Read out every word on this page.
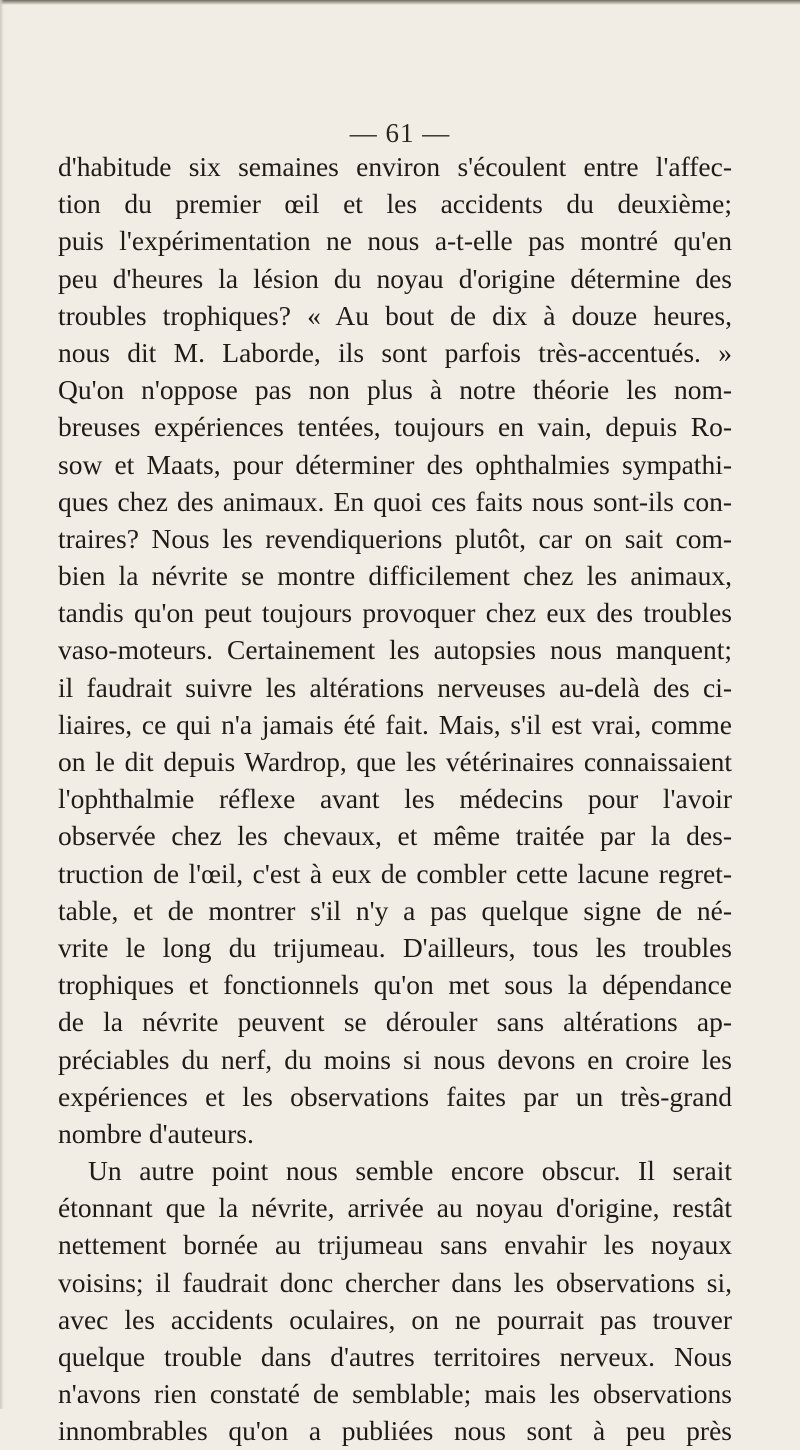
— 61 —
d'habitude six semaines environ s'écoulent entre l'affec-
tion du premier œil et les accidents du deuxième;
puis l'expérimentation ne nous a-t-elle pas montré qu'en
peu d'heures la lésion du noyau d'origine détermine des
troubles trophiques? « Au bout de dix à douze heures,
nous dit M. Laborde, ils sont parfois très-accentués. »
Qu'on n'oppose pas non plus à notre théorie les nom-
breuses expériences tentées, toujours en vain, depuis Ro-
sow et Maats, pour déterminer des ophthalmies sympathi-
ques chez des animaux. En quoi ces faits nous sont-ils con-
traires? Nous les revendiquerions plutôt, car on sait com-
bien la névrite se montre difficilement chez les animaux,
tandis qu'on peut toujours provoquer chez eux des troubles
vaso-moteurs. Certainement les autopsies nous manquent;
il faudrait suivre les altérations nerveuses au-delà des ci-
liaires, ce qui n'a jamais été fait. Mais, s'il est vrai, comme
on le dit depuis Wardrop, que les vétérinaires connaissaient
l'ophthalmie réflexe avant les médecins pour l'avoir
observée chez les chevaux, et même traitée par la des-
truction de l'œil, c'est à eux de combler cette lacune regret-
table, et de montrer s'il n'y a pas quelque signe de né-
vrite le long du trijumeau. D'ailleurs, tous les troubles
trophiques et fonctionnels qu'on met sous la dépendance
de la névrite peuvent se dérouler sans altérations ap-
préciables du nerf, du moins si nous devons en croire les
expériences et les observations faites par un très-grand
nombre d'auteurs.
Un autre point nous semble encore obscur. Il serait
étonnant que la névrite, arrivée au noyau d'origine, restât
nettement bornée au trijumeau sans envahir les noyaux
voisins; il faudrait donc chercher dans les observations si,
avec les accidents oculaires, on ne pourrait pas trouver
quelque trouble dans d'autres territoires nerveux. Nous
n'avons rien constaté de semblable; mais les observations
innombrables qu'on a publiées nous sont à peu près
